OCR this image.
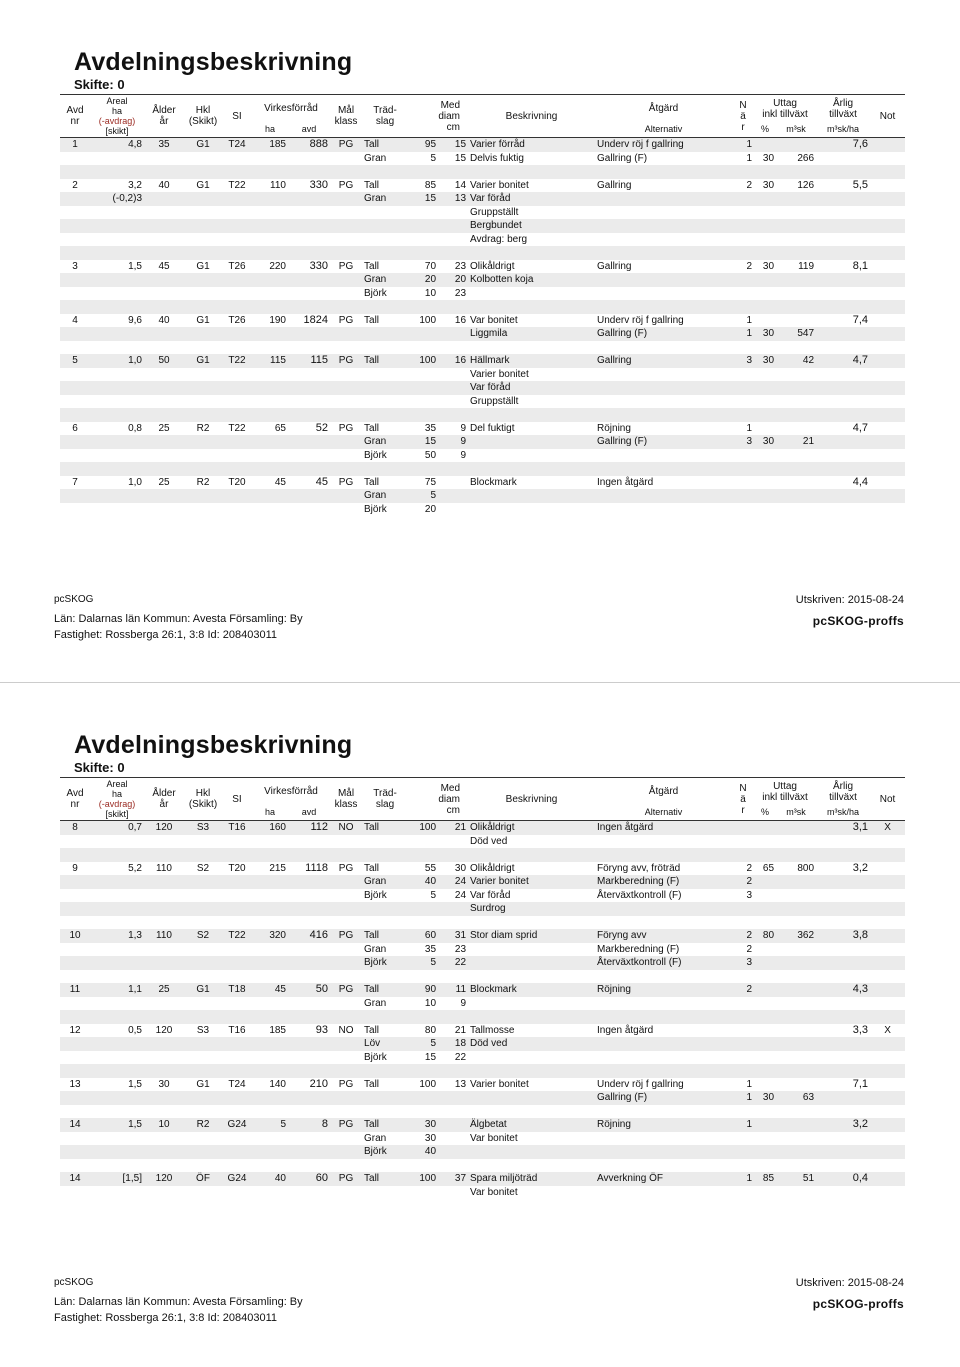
Avdelningsbeskrivning
Skifte: 0
Avd
nr	Areal
ha
(-avdrag)
[skikt]	Ålder
år	Hkl
(Skikt)	SI	Virkesförråd		Mål
klass	Träd-
slag	Med
diam
cm		Beskrivning	Åtgärd	N
ä
r	Uttag
inkl tillväxt		Årlig
tillväxt	Not
					ha	avd						Alternativ		%	m³sk	m³sk/ha	
1	4,8	35	G1	T24	185	888	PG	Tall	95	15	Varier förråd	Underv röj f gallring	1			7,6	
								Gran	5	15	Delvis fuktig	Gallring (F)	1	30	266		

2	3,2	40	G1	T22	110	330	PG	Tall	85	14	Varier bonitet	Gallring	2	30	126	5,5	
	(-0,2)3							Gran	15	13	Var föråd						
											Gruppställt						
											Bergbundet						
											Avdrag: berg						

3	1,5	45	G1	T26	220	330	PG	Tall	70	23	Olikåldrigt	Gallring	2	30	119	8,1	
								Gran	20	20	Kolbotten koja						
								Björk	10	23							

4	9,6	40	G1	T26	190	1824	PG	Tall	100	16	Var bonitet	Underv röj f gallring	1			7,4	
											Liggmila	Gallring (F)	1	30	547		

5	1,0	50	G1	T22	115	115	PG	Tall	100	16	Hällmark	Gallring	3	30	42	4,7	
											Varier bonitet						
											Var föråd						
											Gruppställt						

6	0,8	25	R2	T22	65	52	PG	Tall	35	9	Del fuktigt	Röjning	1			4,7	
								Gran	15	9		Gallring (F)	3	30	21		
								Björk	50	9							

7	1,0	25	R2	T20	45	45	PG	Tall	75		Blockmark	Ingen åtgärd				4,4	
								Gran	5								
								Björk	20								
pcSKOG	Utskriven: 2015-08-24
Län: Dalarnas län Kommun: Avesta Församling: By
Fastighet: Rossberga 26:1, 3:8 Id: 208403011
pcSKOG-proffs
Avdelningsbeskrivning
Skifte: 0
Avd
nr	Areal
ha
(-avdrag)
[skikt]	Ålder
år	Hkl
(Skikt)	SI	Virkesförråd		Mål
klass	Träd-
slag	Med
diam
cm		Beskrivning	Åtgärd	N
ä
r	Uttag
inkl tillväxt		Årlig
tillväxt	Not
					ha	avd						Alternativ		%	m³sk	m³sk/ha	
8	0,7	120	S3	T16	160	112	NO	Tall	100	21	Olikåldrigt	Ingen åtgärd				3,1	X
											Död ved						

9	5,2	110	S2	T20	215	1118	PG	Tall	55	30	Olikåldrigt	Föryng avv, fröträd	2	65	800	3,2	
								Gran	40	24	Varier bonitet	Markberedning (F)	2				
								Björk	5	24	Var föråd	Återväxtkontroll (F)	3				
											Surdrog						

10	1,3	110	S2	T22	320	416	PG	Tall	60	31	Stor diam sprid	Föryng avv	2	80	362	3,8	
								Gran	35	23		Markberedning (F)	2				
								Björk	5	22		Återväxtkontroll (F)	3				

11	1,1	25	G1	T18	45	50	PG	Tall	90	11	Blockmark	Röjning	2			4,3	
								Gran	10	9							

12	0,5	120	S3	T16	185	93	NO	Tall	80	21	Tallmosse	Ingen åtgärd				3,3	X
								Löv	5	18	Död ved						
								Björk	15	22							

13	1,5	30	G1	T24	140	210	PG	Tall	100	13	Varier bonitet	Underv röj f gallring	1			7,1	
												Gallring (F)	1	30	63		

14	1,5	10	R2	G24	5	8	PG	Tall	30		Älgbetat	Röjning	1			3,2	
								Gran	30		Var bonitet						
								Björk	40								

14	[1,5]	120	ÖF	G24	40	60	PG	Tall	100	37	Spara miljöträd	Avverkning ÖF	1	85	51	0,4	
											Var bonitet						
pcSKOG	Utskriven: 2015-08-24
Län: Dalarnas län Kommun: Avesta Församling: By
Fastighet: Rossberga 26:1, 3:8 Id: 208403011
pcSKOG-proffs
